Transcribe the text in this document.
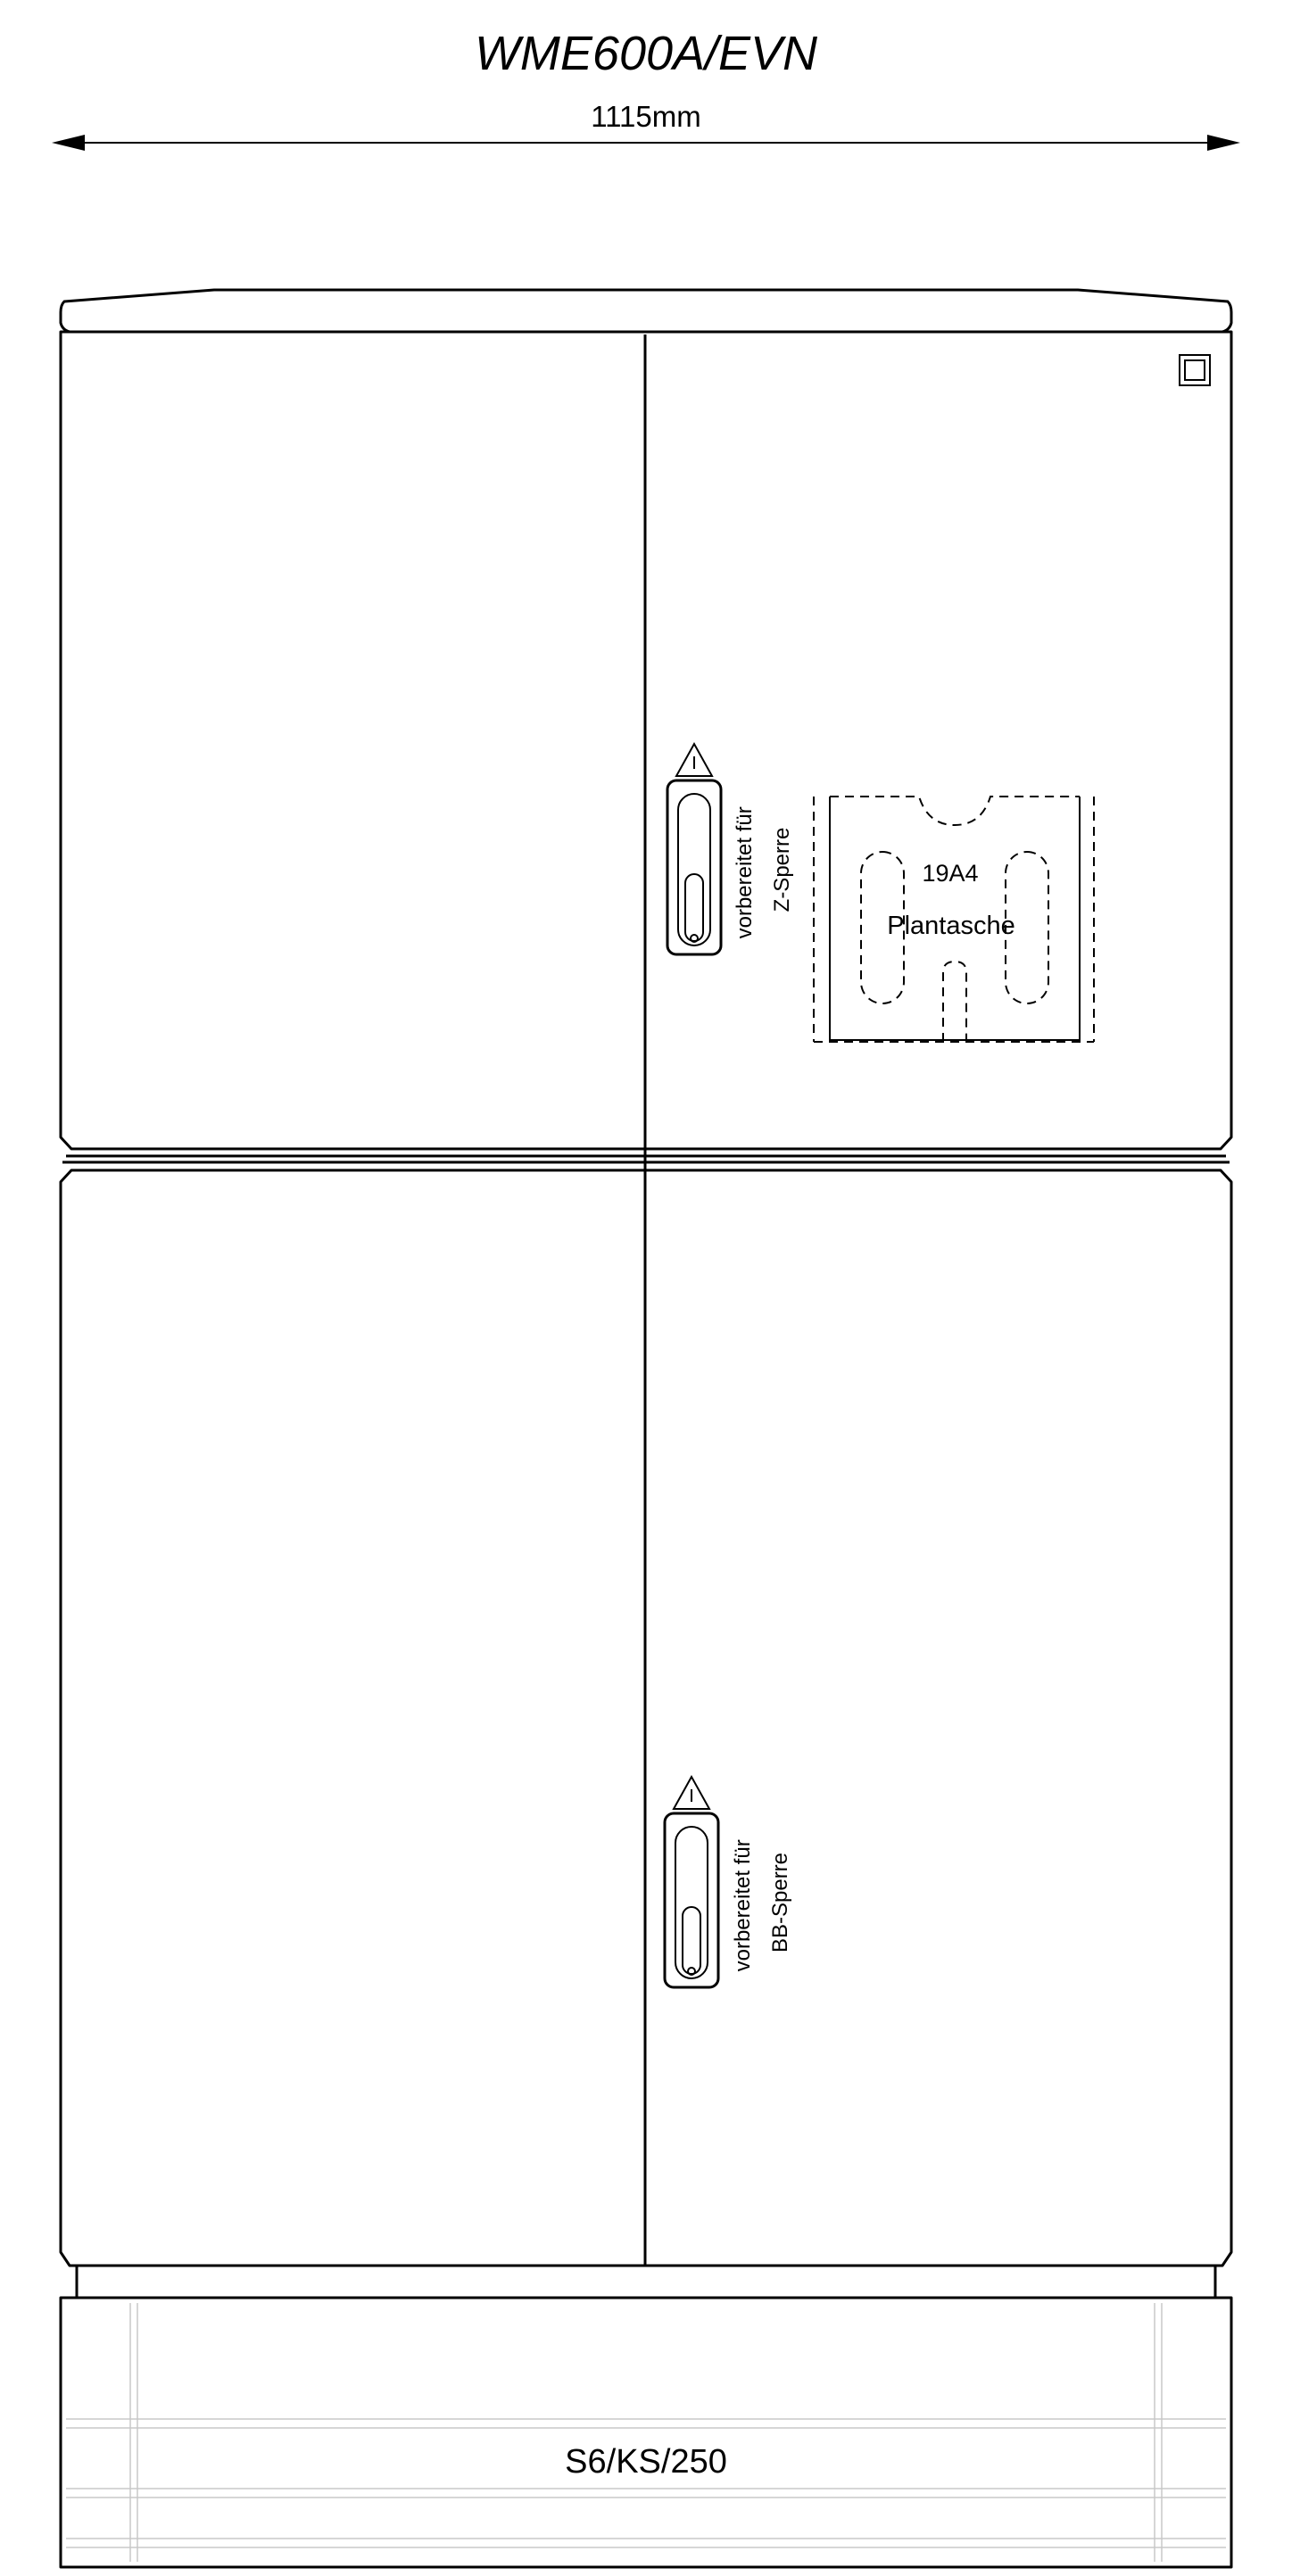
WME600A/EVN
1115mm
vorbereitet für Z-Sperre	19A4
Plantasche
vorbereitet für BB-Sperre
S6/KS/250
